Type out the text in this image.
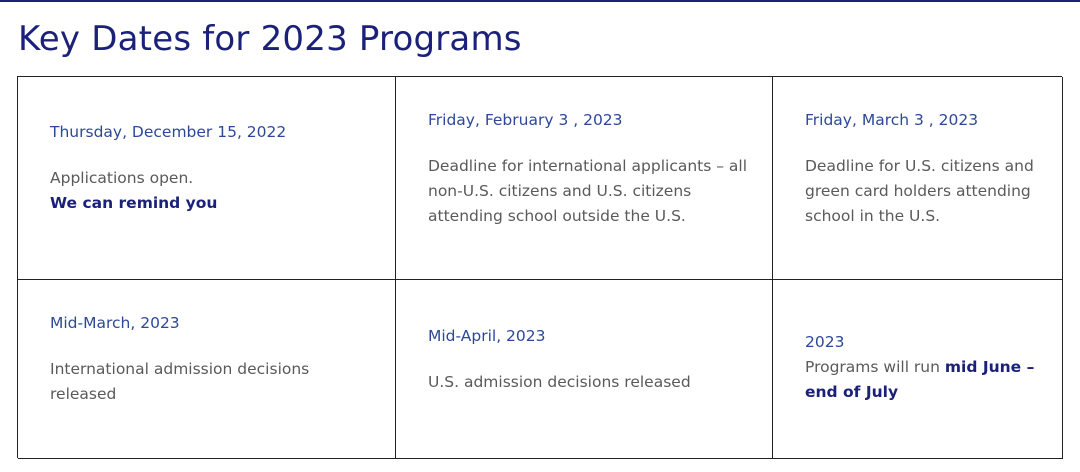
Key Dates for 2023 Programs
Thursday, December 15, 2022
Applications open.
We can remind you
Friday, February 3 , 2023
Deadline for international applicants – all non-U.S. citizens and U.S. citizens attending school outside the U.S.
Friday, March 3 , 2023
Deadline for U.S. citizens and green card holders attending school in the U.S.
Mid-March, 2023
International admission decisions released
Mid-April, 2023
U.S. admission decisions released
2023
Programs will run mid June – end of July
